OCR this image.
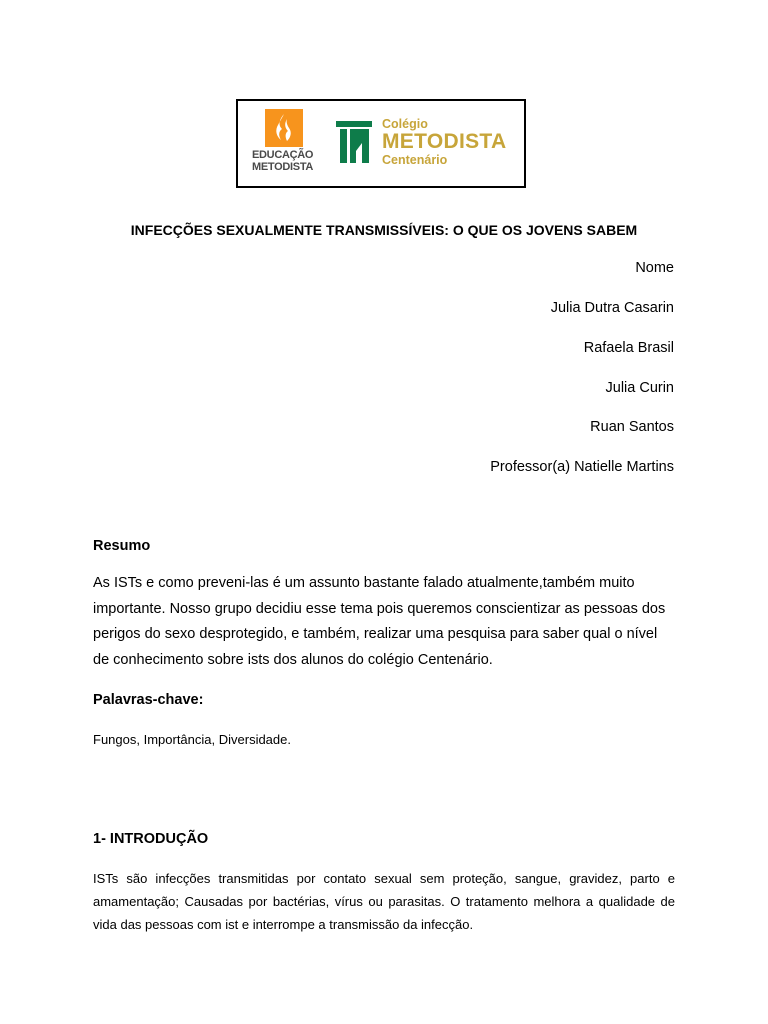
EDUCAÇÃO
METODISTA
Colégio
METODISTA
Centenário
INFECÇÕES SEXUALMENTE TRANSMISSÍVEIS: O QUE OS JOVENS SABEM
Nome
Julia Dutra Casarin
Rafaela Brasil
Julia Curin
Ruan Santos
Professor(a) Natielle Martins
Resumo
As ISTs e como preveni-las é um assunto bastante falado atualmente,também muito importante. Nosso grupo decidiu esse tema pois queremos conscientizar as pessoas dos perigos do sexo desprotegido, e também, realizar uma pesquisa para saber qual o nível de conhecimento sobre ists dos alunos do colégio Centenário.
Palavras-chave:
Fungos, Importância, Diversidade.
1- INTRODUÇÃO
ISTs são infecções transmitidas por contato sexual sem proteção, sangue, gravidez, parto e amamentação; Causadas por bactérias, vírus ou parasitas. O tratamento melhora a qualidade de vida das pessoas com ist e interrompe a transmissão da infecção.
